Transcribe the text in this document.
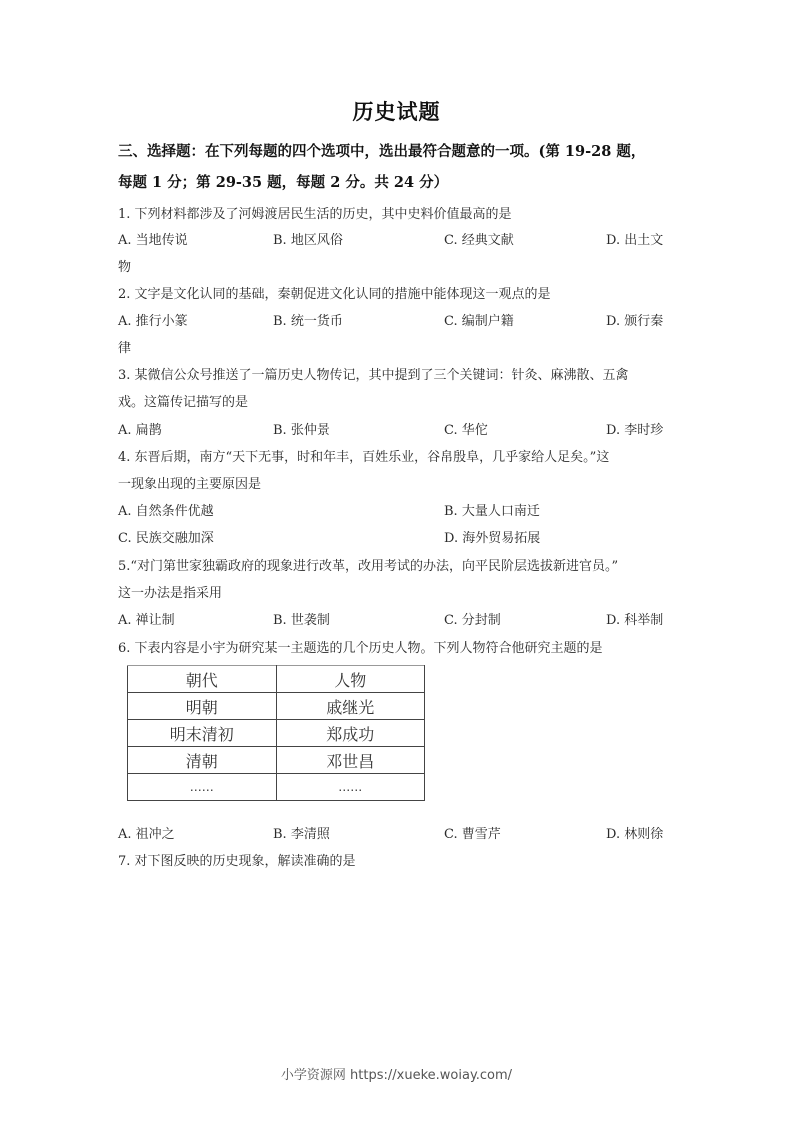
历史试题
三、选择题：在下列每题的四个选项中，选出最符合题意的一项。(第 19-28 题，
每题 1 分；第 29-35 题，每题 2 分。共 24 分）
1. 下列材料都涉及了河姆渡居民生活的历史，其中史料价值最高的是
A. 当地传说	B. 地区风俗	C. 经典文献	D. 出土文
物
2. 文字是文化认同的基础，秦朝促进文化认同的措施中能体现这一观点的是
A. 推行小篆	B. 统一货币	C. 编制户籍	D. 颁行秦
律
3. 某微信公众号推送了一篇历史人物传记，其中提到了三个关键词：针灸、麻沸散、五禽
戏。这篇传记描写的是
A. 扁鹊	B. 张仲景	C. 华佗	D. 李时珍
4. 东晋后期，南方“天下无事，时和年丰，百姓乐业，谷帛殷阜，几乎家给人足矣。”这
一现象出现的主要原因是
A. 自然条件优越	B. 大量人口南迁
C. 民族交融加深	D. 海外贸易拓展
5.“对门第世家独霸政府的现象进行改革，改用考试的办法，向平民阶层选拔新进官员。”
这一办法是指采用
A. 禅让制	B. 世袭制	C. 分封制	D. 科举制
6. 下表内容是小宇为研究某一主题选的几个历史人物。下列人物符合他研究主题的是
朝代	人物
明朝	戚继光
明末清初	郑成功
清朝	邓世昌
……	……
A. 祖冲之	B. 李清照	C. 曹雪芹	D. 林则徐
7. 对下图反映的历史现象，解读准确的是
小学资源网 https://xueke.woiay.com/
